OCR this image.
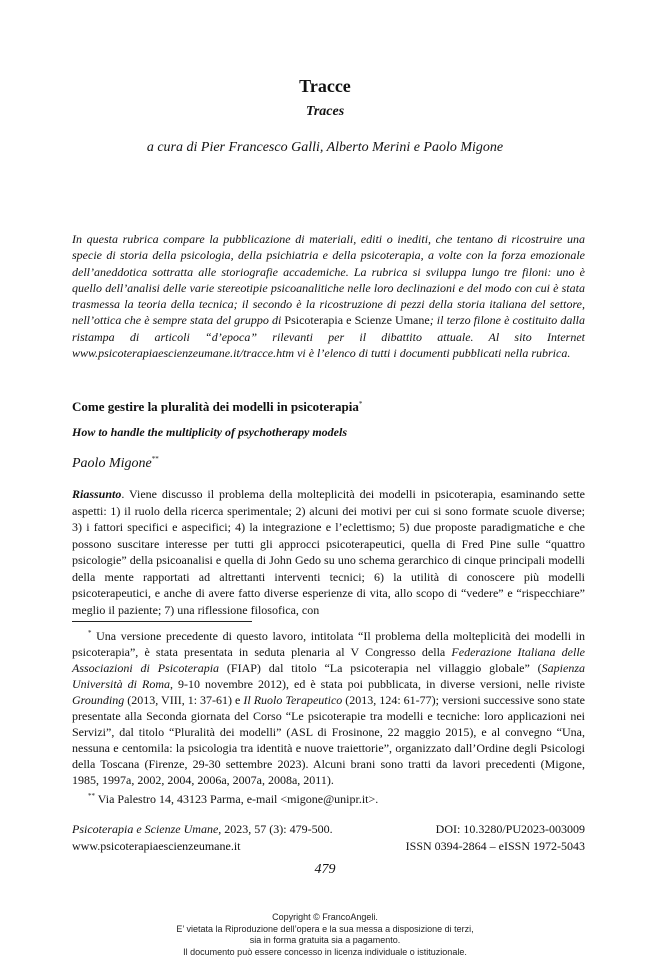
Tracce
Traces
a cura di Pier Francesco Galli, Alberto Merini e Paolo Migone
In questa rubrica compare la pubblicazione di materiali, editi o inediti, che tentano di ricostruire una specie di storia della psicologia, della psichiatria e della psicoterapia, a volte con la forza emozionale dell’aneddotica sottratta alle storiografie accademiche. La rubrica si sviluppa lungo tre filoni: uno è quello dell’analisi delle varie stereotipie psicoanalitiche nelle loro declinazioni e del modo con cui è stata trasmessa la teoria della tecnica; il secondo è la ricostruzione di pezzi della storia italiana del settore, nell’ottica che è sempre stata del gruppo di Psicoterapia e Scienze Umane; il terzo filone è costituito dalla ristampa di articoli “d’epoca” rilevanti per il dibattito attuale. Al sito Internet www.psicoterapiaescienzeumane.it/tracce.htm vi è l’elenco di tutti i documenti pubblicati nella rubrica.
Come gestire la pluralità dei modelli in psicoterapia*
How to handle the multiplicity of psychotherapy models
Paolo Migone**
Riassunto. Viene discusso il problema della molteplicità dei modelli in psicoterapia, esaminando sette aspetti: 1) il ruolo della ricerca sperimentale; 2) alcuni dei motivi per cui si sono formate scuole diverse; 3) i fattori specifici e aspecifici; 4) la integrazione e l’eclettismo; 5) due proposte paradigmatiche e che possono suscitare interesse per tutti gli approcci psicoterapeutici, quella di Fred Pine sulle “quattro psicologie” della psicoanalisi e quella di John Gedo su uno schema gerarchico di cinque principali modelli della mente rapportati ad altrettanti interventi tecnici; 6) la utilità di conoscere più modelli psicoterapeutici, e anche di avere fatto diverse esperienze di vita, allo scopo di “vedere” e “rispecchiare” meglio il paziente; 7) una riflessione filosofica, con

* Una versione precedente di questo lavoro, intitolata “Il problema della molteplicità dei modelli in psicoterapia”, è stata presentata in seduta plenaria al V Congresso della Federazione Italiana delle Associazioni di Psicoterapia (FIAP) dal titolo “La psicoterapia nel villaggio globale” (Sapienza Università di Roma, 9-10 novembre 2012), ed è stata poi pubblicata, in diverse versioni, nelle riviste Grounding (2013, VIII, 1: 37-61) e Il Ruolo Terapeutico (2013, 124: 61-77); versioni successive sono state presentate alla Seconda giornata del Corso “Le psicoterapie tra modelli e tecniche: loro applicazioni nei Servizi”, dal titolo “Pluralità dei modelli” (ASL di Frosinone, 22 maggio 2015), e al convegno “Una, nessuna e centomila: la psicologia tra identità e nuove traiettorie”, organizzato dall’Ordine degli Psicologi della Toscana (Firenze, 29-30 settembre 2023). Alcuni brani sono tratti da lavori precedenti (Migone, 1985, 1997a, 2002, 2004, 2006a, 2007a, 2008a, 2011).

** Via Palestro 14, 43123 Parma, e-mail <migone@unipr.it>.

Psicoterapia e Scienze Umane, 2023, 57 (3): 479-500.	DOI: 10.3280/PU2023-003009
www.psicoterapiaescienzeumane.it	ISSN 0394-2864 – eISSN 1972-5043
479
Copyright © FrancoAngeli.
E’ vietata la Riproduzione dell’opera e la sua messa a disposizione di terzi,
sia in forma gratuita sia a pagamento.
Il documento può essere concesso in licenza individuale o istituzionale.
